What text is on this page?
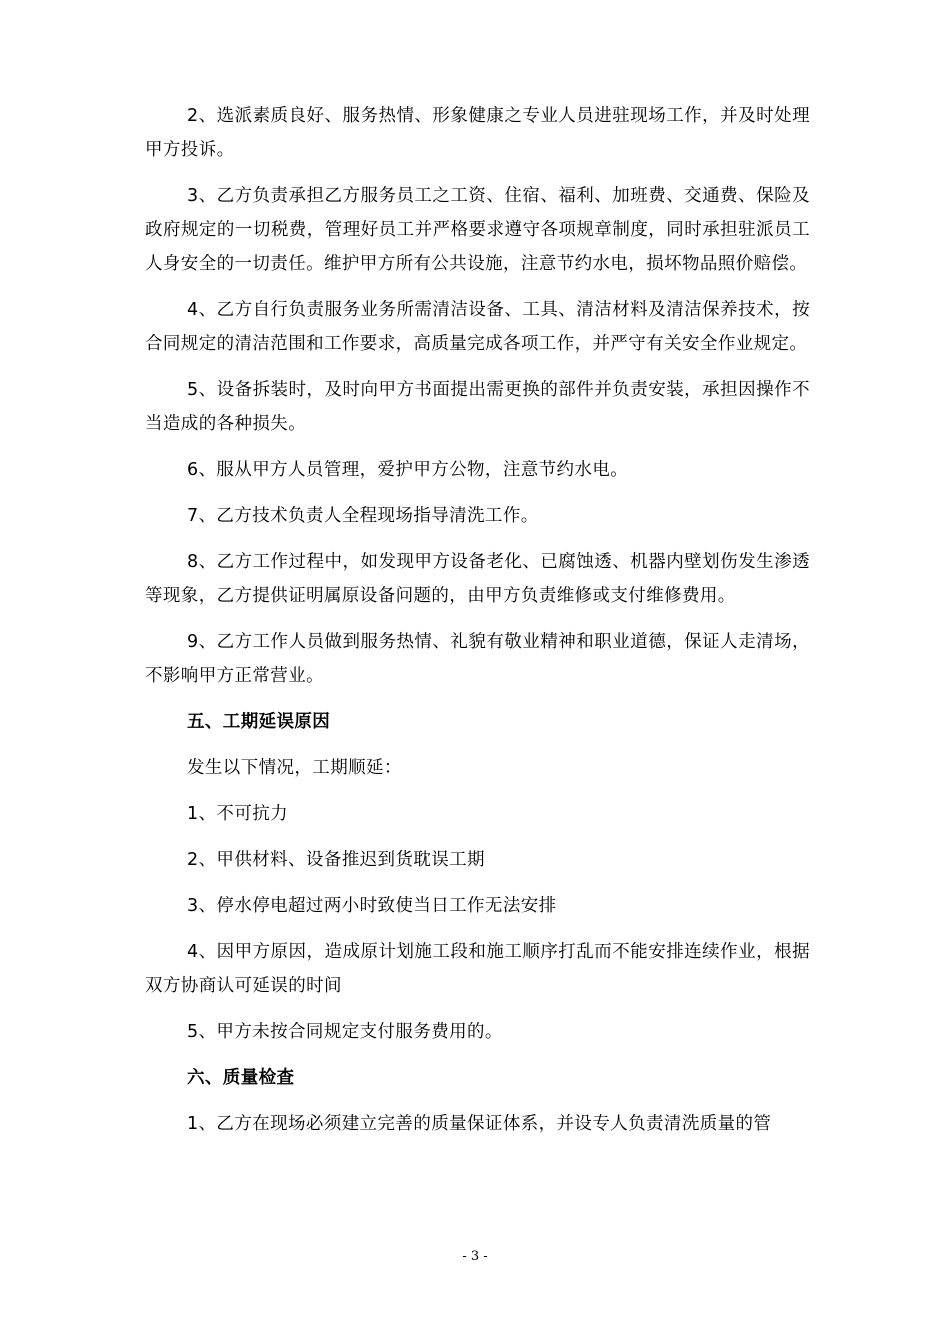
2、选派素质良好、服务热情、形象健康之专业人员进驻现场工作，并及时处理甲方投诉。

3、乙方负责承担乙方服务员工之工资、住宿、福利、加班费、交通费、保险及政府规定的一切税费，管理好员工并严格要求遵守各项规章制度，同时承担驻派员工人身安全的一切责任。维护甲方所有公共设施，注意节约水电，损坏物品照价赔偿。

4、乙方自行负责服务业务所需清洁设备、工具、清洁材料及清洁保养技术，按合同规定的清洁范围和工作要求，高质量完成各项工作，并严守有关安全作业规定。

5、设备拆装时，及时向甲方书面提出需更换的部件并负责安装，承担因操作不当造成的各种损失。

6、服从甲方人员管理，爱护甲方公物，注意节约水电。

7、乙方技术负责人全程现场指导清洗工作。

8、乙方工作过程中，如发现甲方设备老化、已腐蚀透、机器内壁划伤发生渗透等现象，乙方提供证明属原设备问题的，由甲方负责维修或支付维修费用。

9、乙方工作人员做到服务热情、礼貌有敬业精神和职业道德，保证人走清场，不影响甲方正常营业。

五、工期延误原因

发生以下情况，工期顺延：

1、不可抗力

2、甲供材料、设备推迟到货耽误工期

3、停水停电超过两小时致使当日工作无法安排

4、因甲方原因，造成原计划施工段和施工顺序打乱而不能安排连续作业，根据双方协商认可延误的时间

5、甲方未按合同规定支付服务费用的。

六、质量检查

1、乙方在现场必须建立完善的质量保证体系，并设专人负责清洗质量的管

- 3 -
